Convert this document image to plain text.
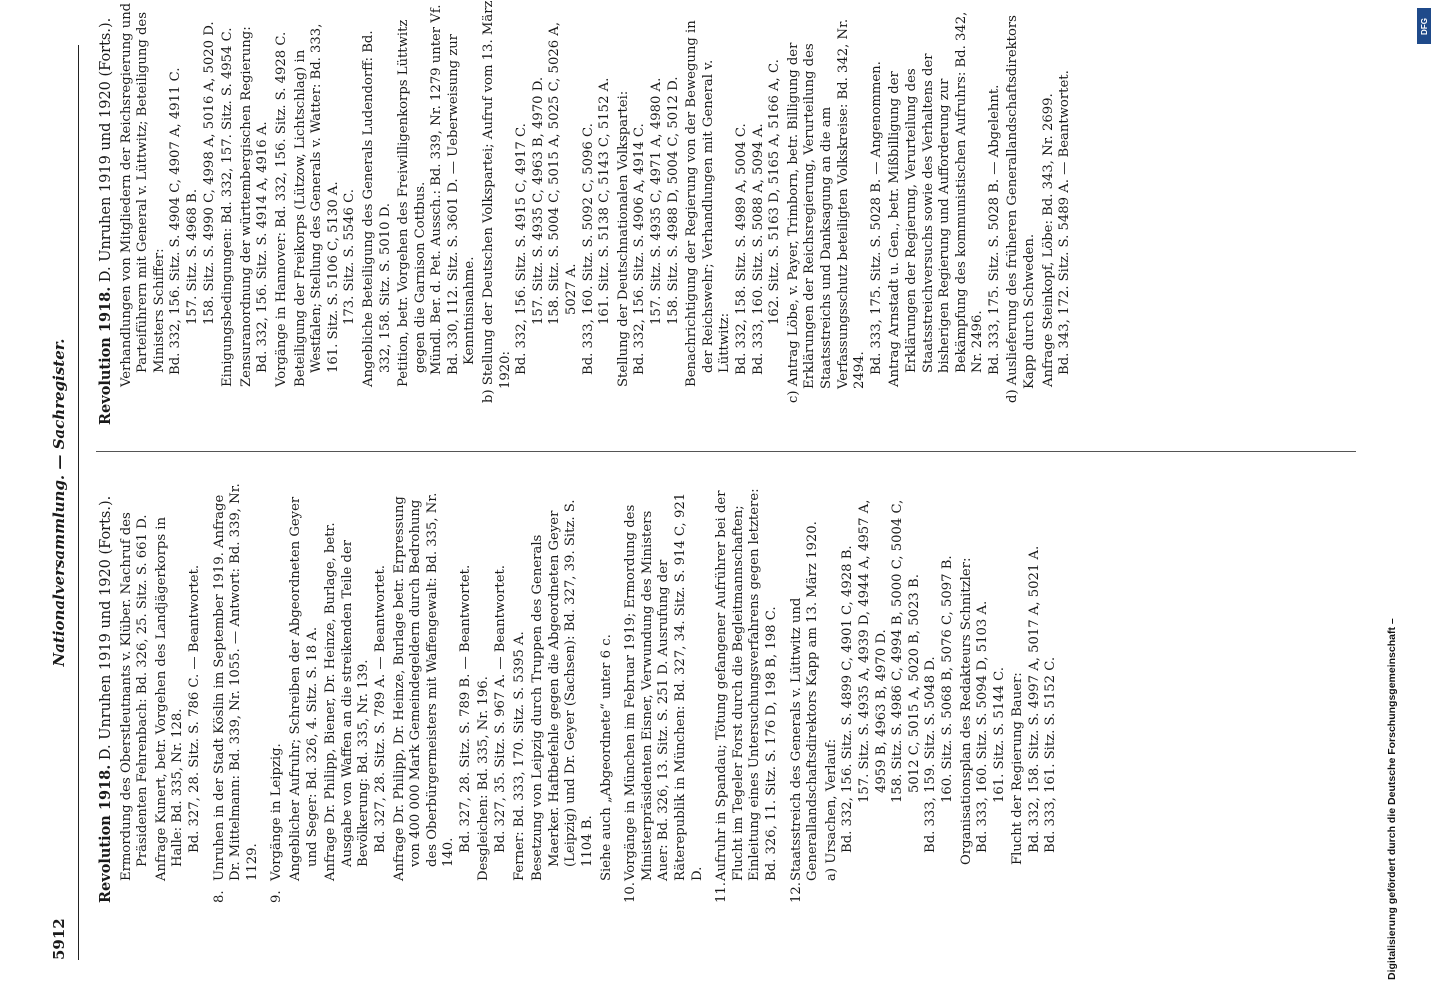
5912
Nationalversammlung. — Sachregister.
Revolution 1918. D. Unruhen 1919 und 1920 (Forts.). Ermordung des Oberstleutnants v. Klüber. Nachruf des Präsidenten Fehrenbach: Bd. 326, 25. Sitz. S. 661 D. Anfrage Kunert, betr. Vorgehen des Landjägerkorps in Halle: Bd. 335, Nr. 128. Bd. 327, 28. Sitz. S. 786 C. — Beantwortet.
8.Unruhen in der Stadt Köslin im September 1919. Anfrage Dr. Mittelmann: Bd. 339, Nr. 1055. — Antwort: Bd. 339, Nr. 1129.
9.Vorgänge in Leipzig. Angeblicher Aufruhr; Schreiben der Abgeordneten Geyer und Seger: Bd. 326, 4. Sitz. S. 18 A. Anfrage Dr. Philipp, Biener, Dr. Heinze, Burlage, betr. Ausgabe von Waffen an die streikenden Teile der Bevölkerung: Bd. 335, Nr. 139. Bd. 327, 28. Sitz. S. 789 A. — Beantwortet. Anfrage Dr. Philipp, Dr. Heinze, Burlage betr. Erpressung von 400 000 Mark Gemeindegeldern durch Bedrohung des Oberbürgermeisters mit Waffengewalt: Bd. 335, Nr. 140. Bd. 327, 28. Sitz. S. 789 B. — Beantwortet. Desgleichen: Bd. 335, Nr. 196. Bd. 327, 35. Sitz. S. 967 A. — Beantwortet. Ferner: Bd. 333, 170. Sitz. S. 5395 A. Besetzung von Leipzig durch Truppen des Generals Maerker. Haftbefehle gegen die Abgeordneten Geyer (Leipzig) und Dr. Geyer (Sachsen): Bd. 327, 39. Sitz. S. 1104 B. Siehe auch „Abgeordnete“ unter 6 c.
10.Vorgänge in München im Februar 1919; Ermordung des Ministerpräsidenten Eisner, Verwundung des Ministers Auer: Bd. 326, 13. Sitz. S. 251 D. Ausrufung der Räterepublik in München: Bd. 327, 34. Sitz. S. 914 C, 921 D.
11.Aufruhr in Spandau; Tötung gefangener Aufrührer bei der Flucht im Tegeler Forst durch die Begleitmannschaften; Einleitung eines Untersuchungsverfahrens gegen letztere: Bd. 326, 11. Sitz. S. 176 D, 198 B, 198 C.
12.Staatsstreich des Generals v. Lüttwitz und Generallandschaftsdirektors Kapp am 13. März 1920. a) Ursachen, Verlauf: Bd. 332, 156. Sitz. S. 4899 C, 4901 C, 4928 B. 157. Sitz. S. 4935 A, 4939 D, 4944 A, 4957 A, 4959 B, 4963 B, 4970 D. 158. Sitz. S. 4986 C, 4994 B, 5000 C, 5004 C, 5012 C, 5015 A, 5020 B, 5023 B. Bd. 333, 159. Sitz. S. 5048 D. 160. Sitz. S. 5068 B, 5076 C, 5097 B. Organisationsplan des Redakteurs Schnitzler: Bd. 333, 160. Sitz. S. 5094 D, 5103 A. 161. Sitz. S. 5144 C. Flucht der Regierung Bauer: Bd. 332, 158. Sitz. S. 4997 A, 5017 A, 5021 A. Bd. 333, 161. Sitz. S. 5152 C.
Revolution 1918. D. Unruhen 1919 und 1920 (Forts.). Verhandlungen von Mitgliedern der Reichsregierung und Parteiführern mit General v. Lüttwitz; Beteiligung des Ministers Schiffer: Bd. 332, 156. Sitz. S. 4904 C, 4907 A, 4911 C. 157. Sitz. S. 4968 B. 158. Sitz. S. 4990 C, 4998 A, 5016 A, 5020 D. Einigungsbedingungen: Bd. 332, 157. Sitz. S. 4954 C. Zensuranordnung der württembergischen Regierung: Bd. 332, 156. Sitz. S. 4914 A, 4916 A. Vorgänge in Hannover: Bd. 332, 156. Sitz. S. 4928 C. Beteiligung der Freikorps (Lützow, Lichtschlag) in Westfalen; Stellung des Generals v. Watter: Bd. 333, 161. Sitz. S. 5106 C, 5130 A. 173. Sitz. S. 5546 C. Angebliche Beteiligung des Generals Ludendorff: Bd. 332, 158. Sitz. S. 5010 D. Petition, betr. Vorgehen des Freiwilligenkorps Lüttwitz gegen die Garnison Cottbus. Mündl. Ber. d. Pet. Aussch.: Bd. 339, Nr. 1279 unter Vf. Bd. 330, 112. Sitz. S. 3601 D. — Ueberweisung zur Kenntnisnahme. b) Stellung der Deutschen Volkspartei; Aufruf vom 13. März 1920: Bd. 332, 156. Sitz. S. 4915 C, 4917 C. 157. Sitz. S. 4935 C, 4963 B, 4970 D. 158. Sitz. S. 5004 C, 5015 A, 5025 C, 5026 A, 5027 A. Bd. 333, 160. Sitz. S. 5092 C, 5096 C. 161. Sitz. S. 5138 C, 5143 C, 5152 A. Stellung der Deutschnationalen Volkspartei: Bd. 332, 156. Sitz. S. 4906 A, 4914 C. 157. Sitz. S. 4935 C, 4971 A, 4980 A. 158. Sitz. S. 4988 D, 5004 C, 5012 D. Benachrichtigung der Regierung von der Bewegung in der Reichswehr; Verhandlungen mit General v. Lüttwitz: Bd. 332, 158. Sitz. S. 4989 A, 5004 C. Bd. 333, 160. Sitz. S. 5088 A, 5094 A. 162. Sitz. S. 5163 D, 5165 A, 5166 A, C. c) Antrag Löbe, v. Payer, Trimborn, betr. Billigung der Erklärungen der Reichsregierung, Verurteilung des Staatsstreichs und Danksagung an die am Verfassungsschutz beteiligten Volkskreise: Bd. 342, Nr. 2494. Bd. 333, 175. Sitz. S. 5028 B. — Angenommen. Antrag Arnstadt u. Gen., betr. Mißbilligung der Erklärungen der Regierung, Verurteilung des Staatsstreichversuchs sowie des Verhaltens der bisherigen Regierung und Aufforderung zur Bekämpfung des kommunistischen Aufruhrs: Bd. 342, Nr. 2496. Bd. 333, 175. Sitz. S. 5028 B. — Abgelehnt. d) Auslieferung des früheren Generallandschaftsdirektors Kapp durch Schweden. Anfrage Steinkopf, Löbe: Bd. 343, Nr. 2699. Bd. 343, 172. Sitz. S. 5489 A. — Beantwortet.
Digitalisierung gefördert durch die Deutsche Forschungsgemeinschaft –
DFG
